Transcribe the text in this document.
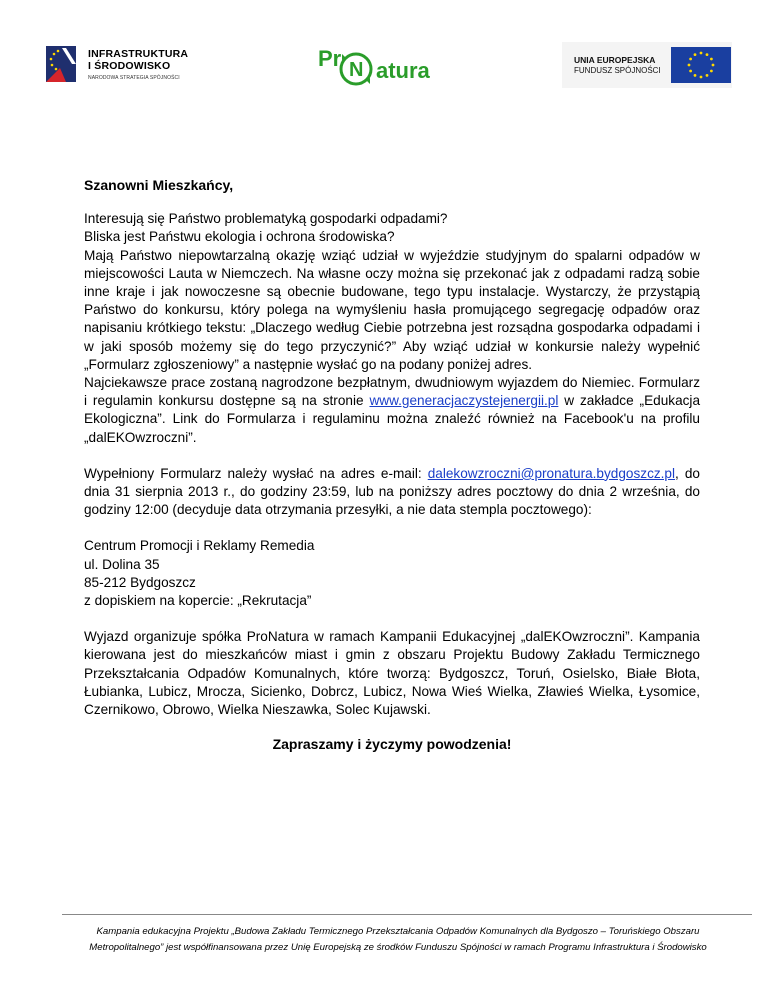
INFRASTRUKTURA
I ŚRODOWISKO
NARODOWA STRATEGIA SPÓJNOŚCI
Pr N atura	UNIA EUROPEJSKA
FUNDUSZ SPÓJNOŚCI

Szanowni Mieszkańcy,

Interesują się Państwo problematyką gospodarki odpadami?

Bliska jest Państwu ekologia i ochrona środowiska?

Mają Państwo niepowtarzalną okazję wziąć udział w wyjeździe studyjnym do spalarni odpadów w miejscowości Lauta w Niemczech. Na własne oczy można się przekonać jak z odpadami radzą sobie inne kraje i jak nowoczesne są obecnie budowane, tego typu instalacje. Wystarczy, że przystąpią Państwo do konkursu, który polega na wymyśleniu hasła promującego segregację odpadów oraz napisaniu krótkiego tekstu: „Dlaczego według Ciebie potrzebna jest rozsądna gospodarka odpadami i w jaki sposób możemy się do tego przyczynić?” Aby wziąć udział w konkursie należy wypełnić „Formularz zgłoszeniowy” a następnie wysłać go na podany poniżej adres.

Najciekawsze prace zostaną nagrodzone bezpłatnym, dwudniowym wyjazdem do Niemiec. Formularz i regulamin konkursu dostępne są na stronie www.generacjaczystejenergii.pl w zakładce „Edukacja Ekologiczna”. Link do Formularza i regulaminu można znaleźć również na Facebook'u na profilu „dalEKOwzroczni”.

Wypełniony Formularz należy wysłać na adres e-mail: dalekowzroczni@pronatura.bydgoszcz.pl, do dnia 31 sierpnia 2013 r., do godziny 23:59, lub na poniższy adres pocztowy do dnia 2 września, do godziny 12:00 (decyduje data otrzymania przesyłki, a nie data stempla pocztowego):

Centrum Promocji i Reklamy Remedia

ul. Dolina 35

85-212 Bydgoszcz

z dopiskiem na kopercie: „Rekrutacja”

Wyjazd organizuje spółka ProNatura w ramach Kampanii Edukacyjnej „dalEKOwzroczni”. Kampania kierowana jest do mieszkańców miast i gmin z obszaru Projektu Budowy Zakładu Termicznego Przekształcania Odpadów Komunalnych, które tworzą: Bydgoszcz, Toruń, Osielsko, Białe Błota, Łubianka, Lubicz, Mrocza, Sicienko, Dobrcz, Lubicz, Nowa Wieś Wielka, Zławieś Wielka, Łysomice, Czernikowo, Obrowo, Wielka Nieszawka, Solec Kujawski.

Zapraszamy i życzymy powodzenia!

Kampania edukacyjna Projektu „Budowa Zakładu Termicznego Przekształcania Odpadów Komunalnych dla Bydgoszo – Toruńskiego Obszaru
Metropolitalnego” jest współfinansowana przez Unię Europejską ze środków Funduszu Spójności w ramach Programu Infrastruktura i Środowisko
